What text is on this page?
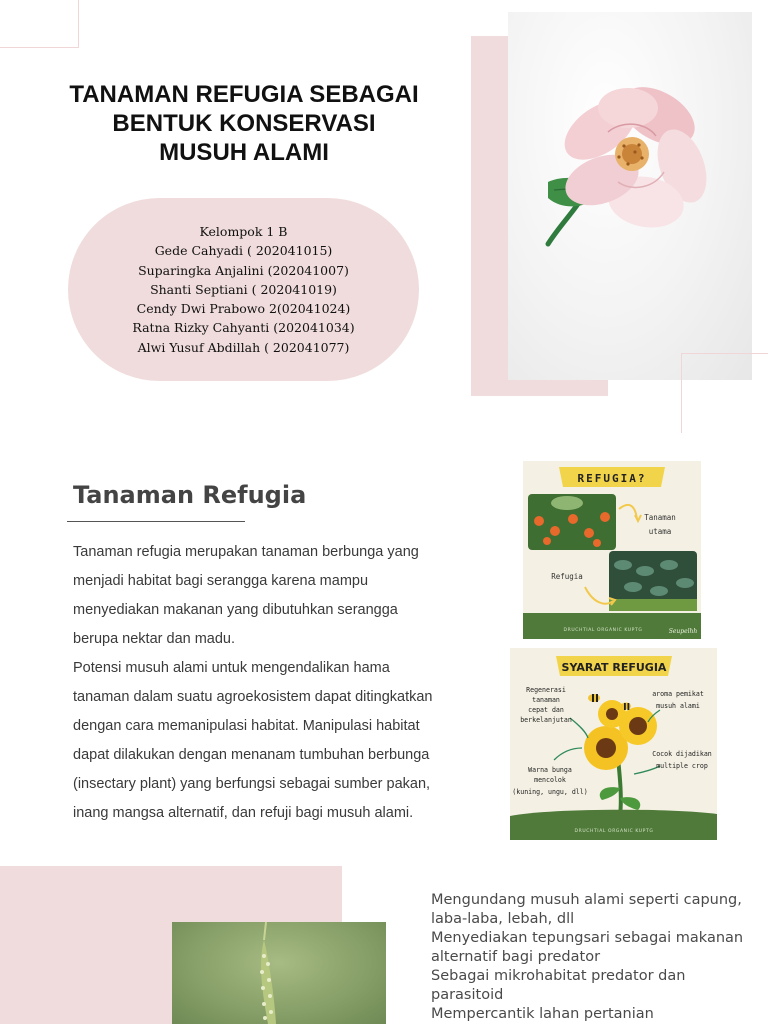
TANAMAN REFUGIA SEBAGAI
BENTUK KONSERVASI
MUSUH ALAMI
Kelompok 1 B
Gede Cahyadi ( 202041015)
Suparingka Anjalini (202041007)
Shanti Septiani ( 202041019)
Cendy Dwi Prabowo 2(02041024)
Ratna Rizky Cahyanti (202041034)
Alwi Yusuf Abdillah ( 202041077)
Tanaman Refugia
Tanaman refugia merupakan tanaman berbunga yang
menjadi habitat bagi serangga karena mampu
menyediakan makanan yang dibutuhkan serangga
berupa nektar dan madu.
Potensi musuh alami untuk mengendalikan hama
tanaman dalam suatu agroekosistem dapat ditingkatkan
dengan cara memanipulasi habitat. Manipulasi habitat
dapat dilakukan dengan menanam tumbuhan berbunga
(insectary plant) yang berfungsi sebagai sumber pakan,
inang mangsa alternatif, dan refuji bagi musuh alami.
REFUGIA?
Tanaman
utama
Refugia
DRUCHTIAL ORGANIC KUPTG	Seupelhh
SYARAT REFUGIA
Regenerasi
tanaman
cepat dan
berkelanjutan
aroma pemikat
musuh alami
Warna bunga
mencolok
(kuning, ungu, dll)
Cocok dijadikan
multiple crop
DRUCHTIAL ORGANIC KUPTG
Mengundang musuh alami seperti capung,
laba-laba, lebah, dll
Menyediakan tepungsari sebagai makanan
alternatif bagi predator
Sebagai mikrohabitat predator dan
parasitoid
Mempercantik lahan pertanian
